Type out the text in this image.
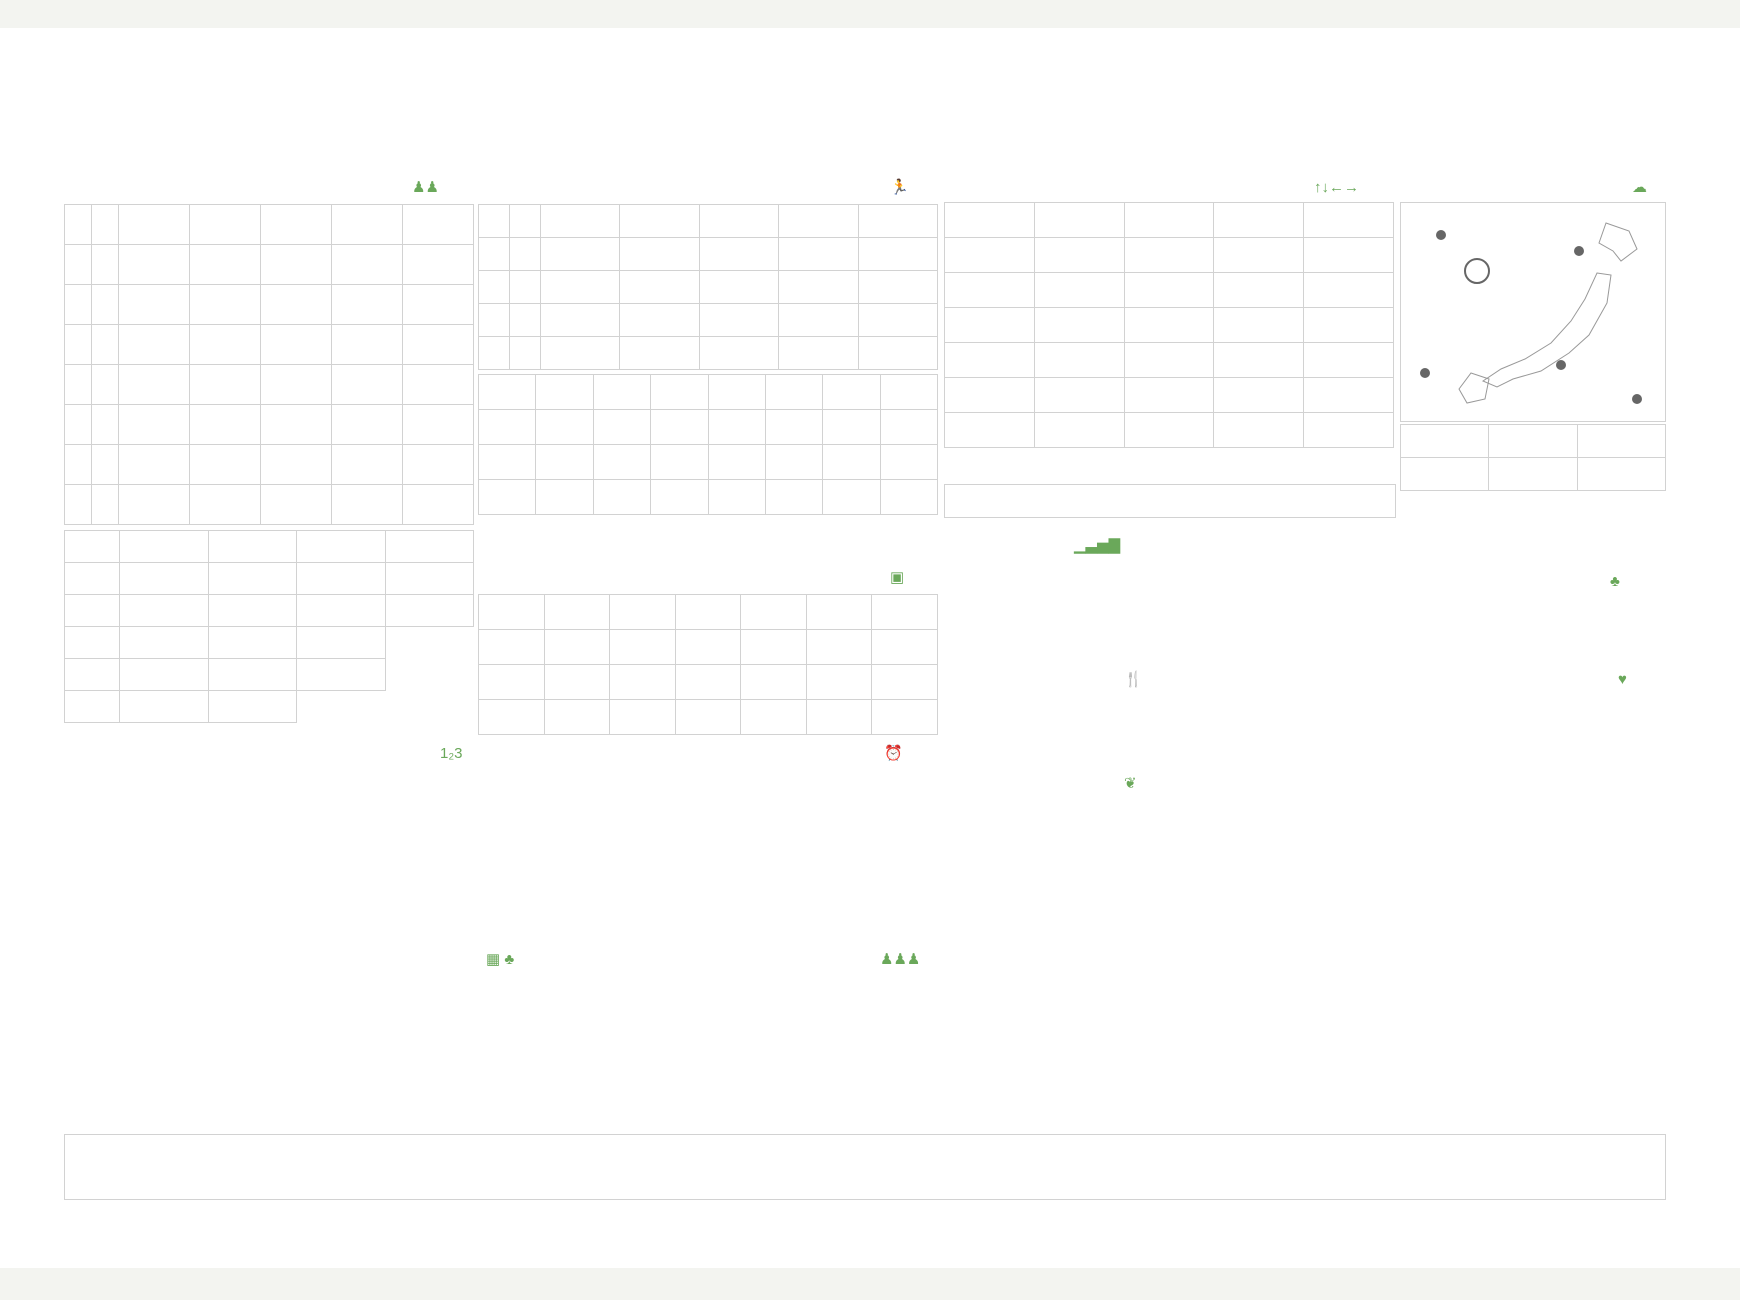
♟♟

			🏃

▣

↑↓←→

					☁

▁▃▅▇
♣
🍴
❦
♥
1₂3	⏰
▦ ♣	♟♟♟
